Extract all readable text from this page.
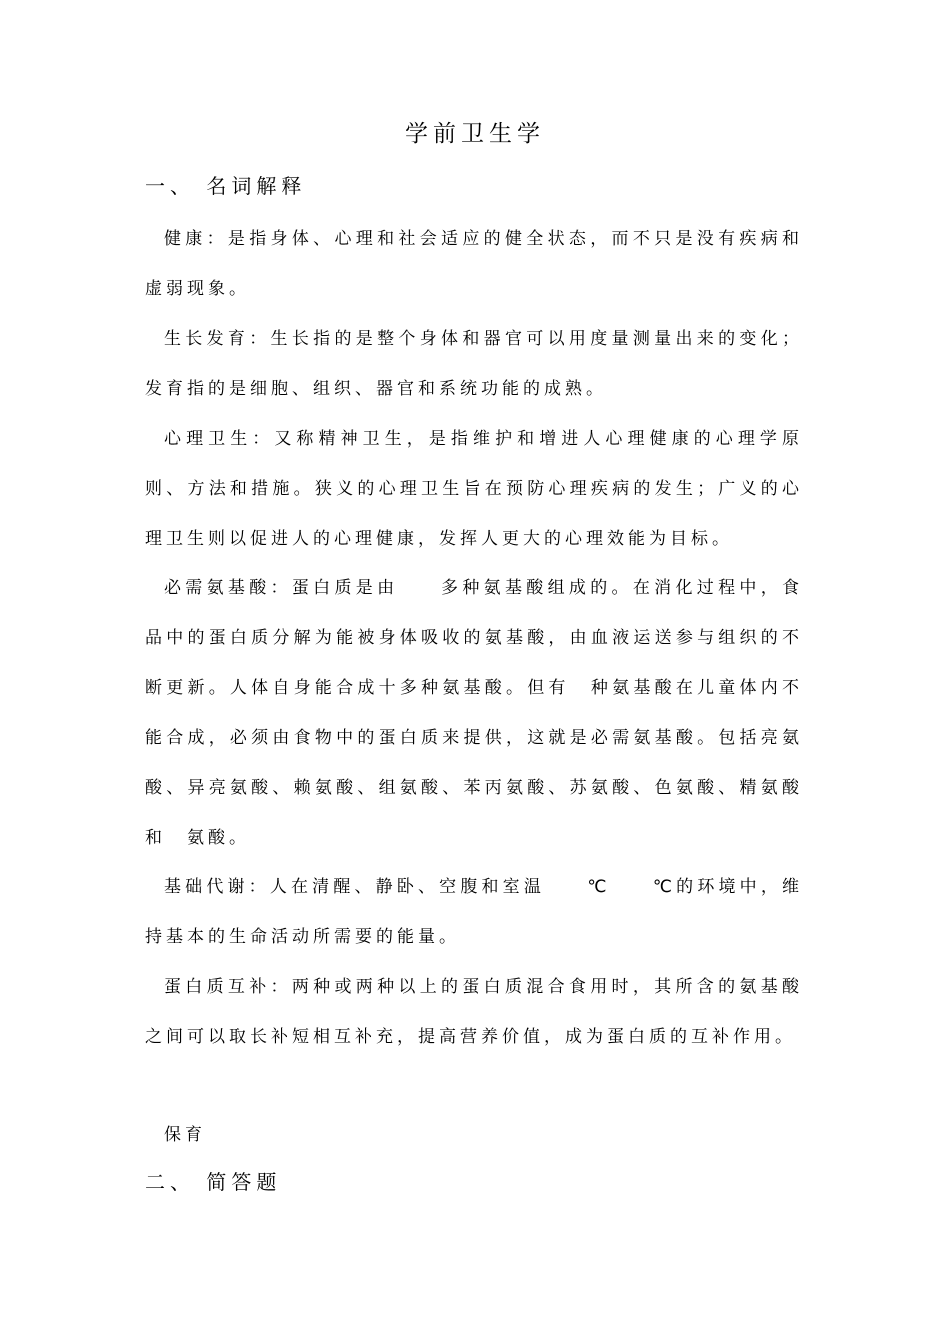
学前卫生学
一、 名词解释
健康：是指身体、心理和社会适应的健全状态，而不只是没有疾病和虚弱现象。
生长发育：生长指的是整个身体和器官可以用度量测量出来的变化；发育指的是细胞、组织、器官和系统功能的成熟。
心理卫生：又称精神卫生，是指维护和增进人心理健康的心理学原则、方法和措施。狭义的心理卫生旨在预防心理疾病的发生；广义的心理卫生则以促进人的心理健康，发挥人更大的心理效能为目标。
必需氨基酸：蛋白质是由　　多种氨基酸组成的。在消化过程中，食品中的蛋白质分解为能被身体吸收的氨基酸，由血液运送参与组织的不断更新。人体自身能合成十多种氨基酸。但有　种氨基酸在儿童体内不能合成，必须由食物中的蛋白质来提供，这就是必需氨基酸。包括亮氨酸、异亮氨酸、赖氨酸、组氨酸、苯丙氨酸、苏氨酸、色氨酸、精氨酸和　氨酸。
基础代谢：人在清醒、静卧、空腹和室温　　℃　　℃的环境中，维持基本的生命活动所需要的能量。
蛋白质互补：两种或两种以上的蛋白质混合食用时，其所含的氨基酸之间可以取长补短相互补充，提高营养价值，成为蛋白质的互补作用。
保育
二、 简答题
